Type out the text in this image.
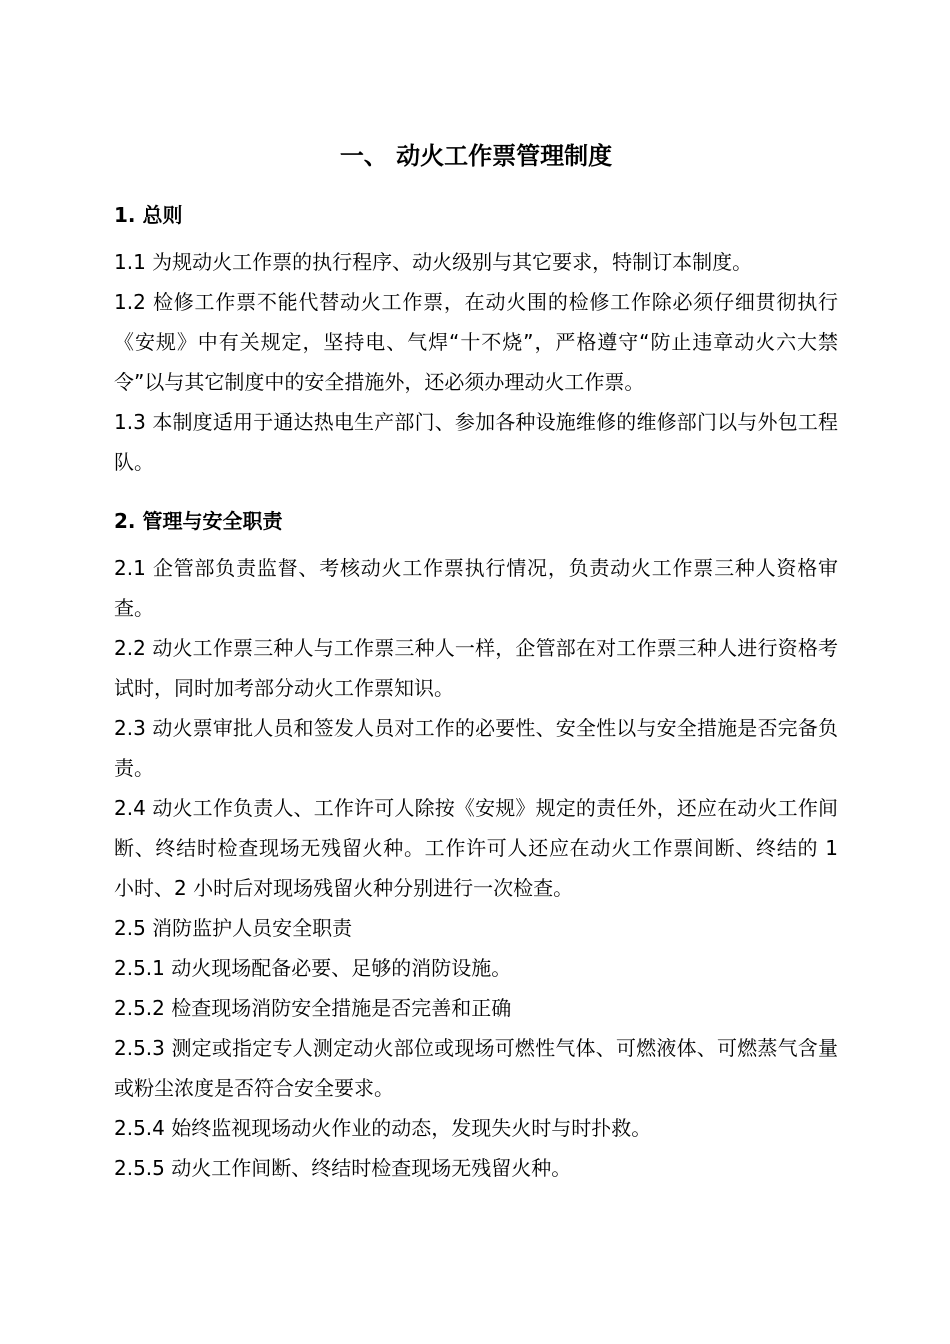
一、 动火工作票管理制度
1. 总则

1.1 为规动火工作票的执行程序、动火级别与其它要求，特制订本制度。

1.2 检修工作票不能代替动火工作票，在动火围的检修工作除必须仔细贯彻执行《安规》中有关规定，坚持电、气焊“十不烧”，严格遵守“防止违章动火六大禁令”以与其它制度中的安全措施外，还必须办理动火工作票。

1.3 本制度适用于通达热电生产部门、参加各种设施维修的维修部门以与外包工程队。

2. 管理与安全职责

2.1 企管部负责监督、考核动火工作票执行情况，负责动火工作票三种人资格审查。

2.2 动火工作票三种人与工作票三种人一样，企管部在对工作票三种人进行资格考试时，同时加考部分动火工作票知识。

2.3 动火票审批人员和签发人员对工作的必要性、安全性以与安全措施是否完备负责。

2.4 动火工作负责人、工作许可人除按《安规》规定的责任外，还应在动火工作间断、终结时检查现场无残留火种。工作许可人还应在动火工作票间断、终结的 1 小时、2 小时后对现场残留火种分别进行一次检查。

2.5 消防监护人员安全职责

2.5.1 动火现场配备必要、足够的消防设施。

2.5.2 检查现场消防安全措施是否完善和正确

2.5.3 测定或指定专人测定动火部位或现场可燃性气体、可燃液体、可燃蒸气含量或粉尘浓度是否符合安全要求。

2.5.4 始终监视现场动火作业的动态，发现失火时与时扑救。

2.5.5 动火工作间断、终结时检查现场无残留火种。
